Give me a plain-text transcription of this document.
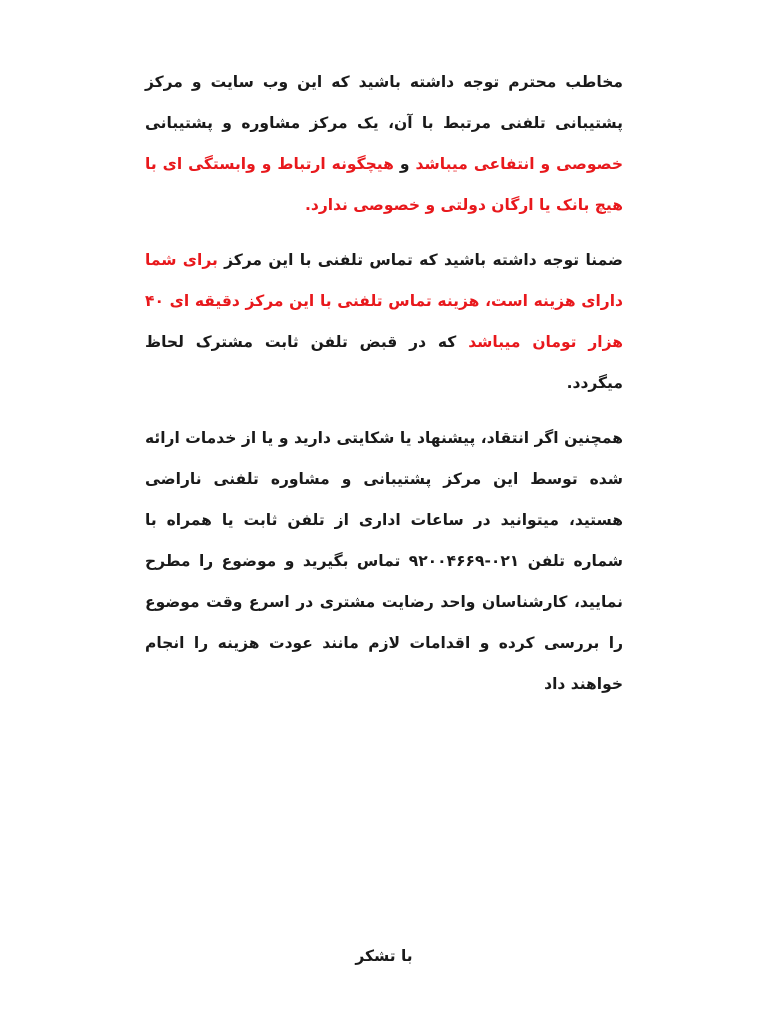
مخاطب محترم توجه داشته باشید که این وب سایت و مرکز پشتیبانی تلفنی مرتبط با آن، یک مرکز مشاوره و پشتیبانی خصوصی و انتفاعی میباشد و هیچگونه ارتباط و وابستگی ای با هیچ بانک یا ارگان دولتی و خصوصی ندارد.

ضمنا توجه داشته باشید که تماس تلفنی با این مرکز برای شما دارای هزینه است، هزینه تماس تلفنی با این مرکز دقیقه ای ۴۰ هزار تومان میباشد که در قبض تلفن ثابت مشترک لحاظ میگردد.

همچنین اگر انتقاد، پیشنهاد یا شکایتی دارید و یا از خدمات ارائه شده توسط این مرکز پشتیبانی و مشاوره تلفنی ناراضی هستید، میتوانید در ساعات اداری از تلفن ثابت یا همراه با شماره تلفن ۰۲۱-۹۲۰۰۴۶۶۹ تماس بگیرید و موضوع را مطرح نمایید، کارشناسان واحد رضایت مشتری در اسرع وقت موضوع را بررسی کرده و اقدامات لازم مانند عودت هزینه را انجام خواهند داد

با تشکر
